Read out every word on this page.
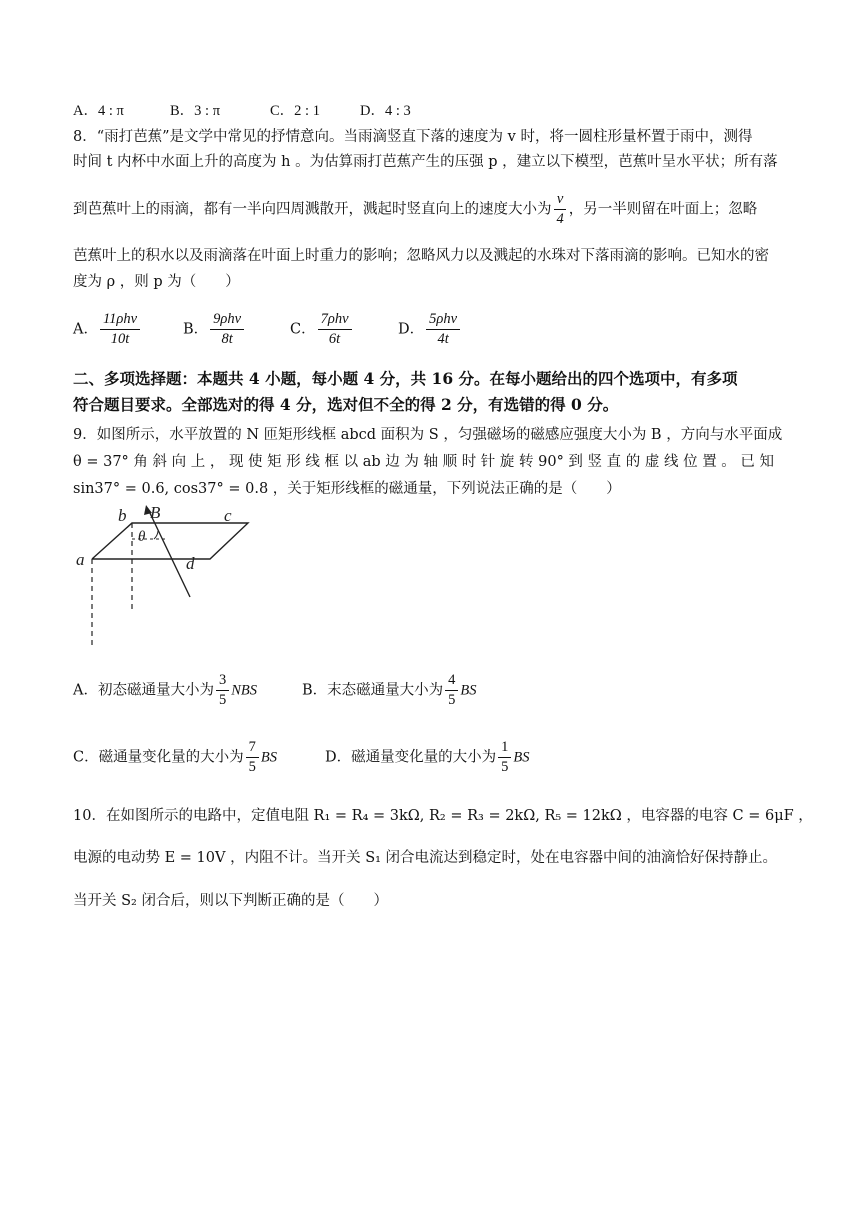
A．4 : π	B．3 : π	C．2 : 1	D．4 : 3
8．“雨打芭蕉”是文学中常见的抒情意向。当雨滴竖直下落的速度为 v 时，将一圆柱形量杯置于雨中，测得
时间 t 内杯中水面上升的高度为 h 。为估算雨打芭蕉产生的压强 p ，建立以下模型，芭蕉叶呈水平状；所有落
到芭蕉叶上的雨滴，都有一半向四周溅散开，溅起时竖直向上的速度大小为 $\frac{v}{4}$ ，另一半则留在叶面上；忽略
芭蕉叶上的积水以及雨滴落在叶面上时重力的影响；忽略风力以及溅起的水珠对下落雨滴的影响。已知水的密
度为 ρ ，则 p 为（　　）
A． $\frac{\text{11ρhv}}{10t}$	B． $\frac{\text{9ρhv}}{8t}$	C． $\frac{\text{7ρhv}}{6t}$	D． $\frac{\text{5ρhv}}{4t}$
二、多项选择题：本题共 4 小题，每小题 4 分，共 16 分。在每小题给出的四个选项中，有多项
符合题目要求。全部选对的得 4 分，选对但不全的得 2 分，有选错的得 0 分。
9．如图所示，水平放置的 N 匝矩形线框 abcd 面积为 S ，匀强磁场的磁感应强度大小为 B ，方向与水平面成
θ = 37° 角 斜 向 上 ， 现 使 矩 形 线 框 以 ab 边 为 轴 顺 时 针 旋 转 90° 到 竖 直 的 虚 线 位 置 。 已 知
sin37° = 0.6, cos37° = 0.8 ，关于矩形线框的磁通量，下列说法正确的是（　　）
a
b	c
d
B
θ
A．初态磁通量大小为 $\frac{3}{5}$ NBS	B．末态磁通量大小为 $\frac{4}{5}$ BS
C．磁通量变化量的大小为 $\frac{7}{5}$ BS	D．磁通量变化量的大小为 $\frac{1}{5}$ BS
10．在如图所示的电路中，定值电阻 R₁ = R₄ = 3kΩ, R₂ = R₃ = 2kΩ, R₅ = 12kΩ ，电容器的电容 C = 6μF ，
电源的电动势 E = 10V ，内阻不计。当开关 S₁ 闭合电流达到稳定时，处在电容器中间的油滴恰好保持静止。
当开关 S₂ 闭合后，则以下判断正确的是（　　）
